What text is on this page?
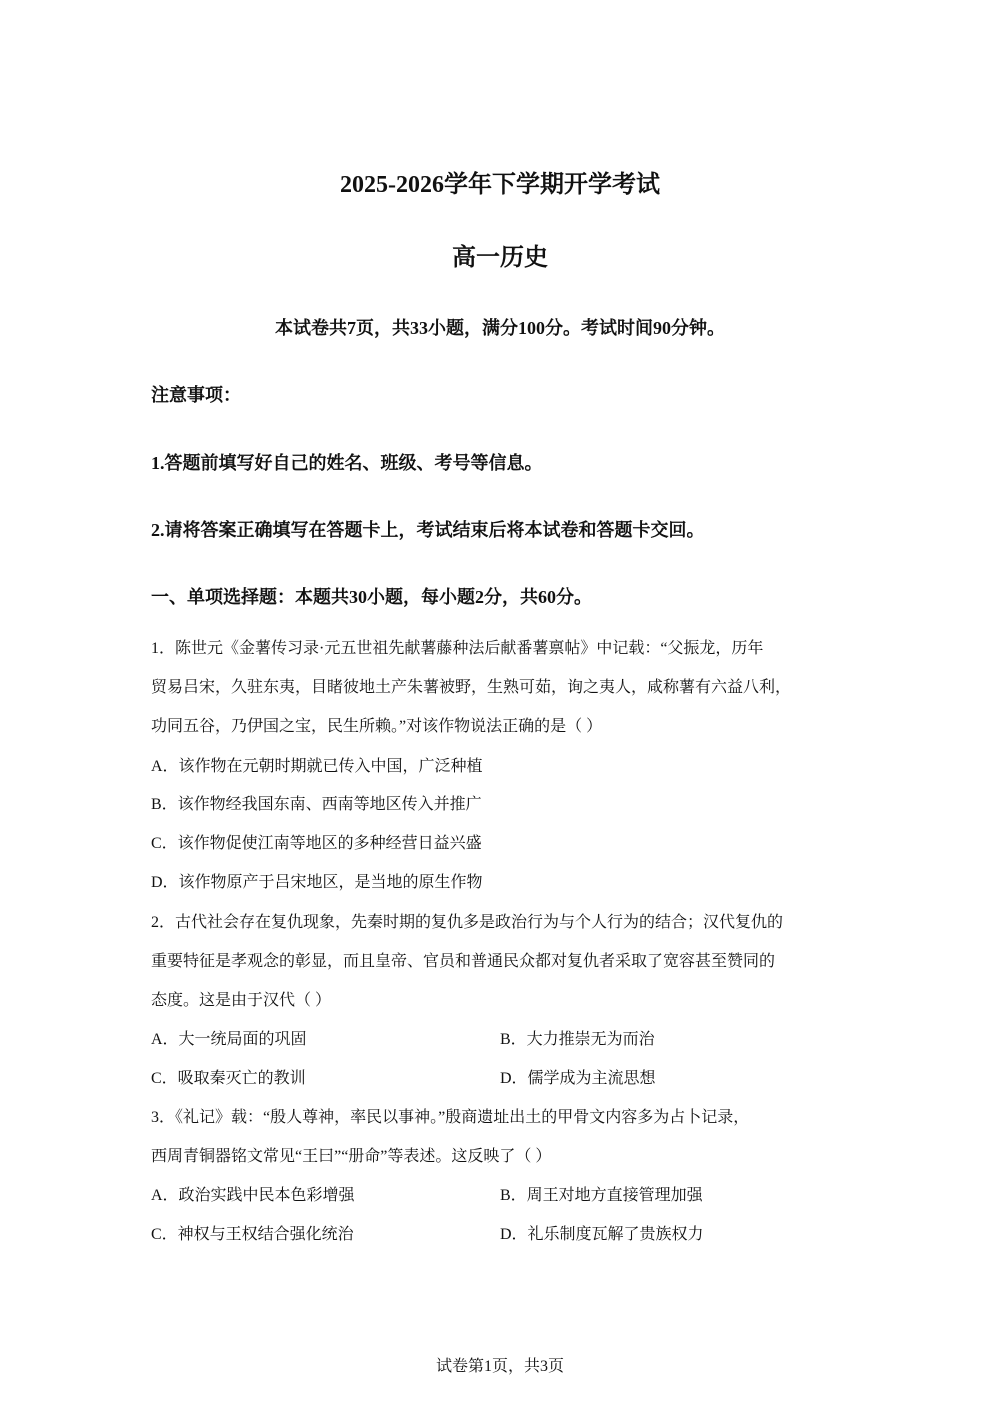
2025-2026学年下学期开学考试
高一历史
本试卷共7页，共33小题，满分100分。考试时间90分钟。
注意事项：
1.答题前填写好自己的姓名、班级、考号等信息。
2.请将答案正确填写在答题卡上，考试结束后将本试卷和答题卡交回。
一、单项选择题：本题共30小题，每小题2分，共60分。
1．陈世元《金薯传习录·元五世祖先献薯藤种法后献番薯禀帖》中记载：“父振龙，历年
贸易吕宋，久驻东夷，目睹彼地土产朱薯被野，生熟可茹，询之夷人，咸称薯有六益八利，
功同五谷，乃伊国之宝，民生所赖。”对该作物说法正确的是（ ）
A．该作物在元朝时期就已传入中国，广泛种植
B．该作物经我国东南、西南等地区传入并推广
C．该作物促使江南等地区的多种经营日益兴盛
D．该作物原产于吕宋地区，是当地的原生作物
2．古代社会存在复仇现象，先秦时期的复仇多是政治行为与个人行为的结合；汉代复仇的
重要特征是孝观念的彰显，而且皇帝、官员和普通民众都对复仇者采取了宽容甚至赞同的
态度。这是由于汉代（ ）
A．大一统局面的巩固	B．大力推崇无为而治
C．吸取秦灭亡的教训	D．儒学成为主流思想
3．《礼记》载：“殷人尊神，率民以事神。”殷商遗址出土的甲骨文内容多为占卜记录，
西周青铜器铭文常见“王曰”“册命”等表述。这反映了（ ）
A．政治实践中民本色彩增强	B．周王对地方直接管理加强
C．神权与王权结合强化统治	D．礼乐制度瓦解了贵族权力
试卷第1页，共3页
